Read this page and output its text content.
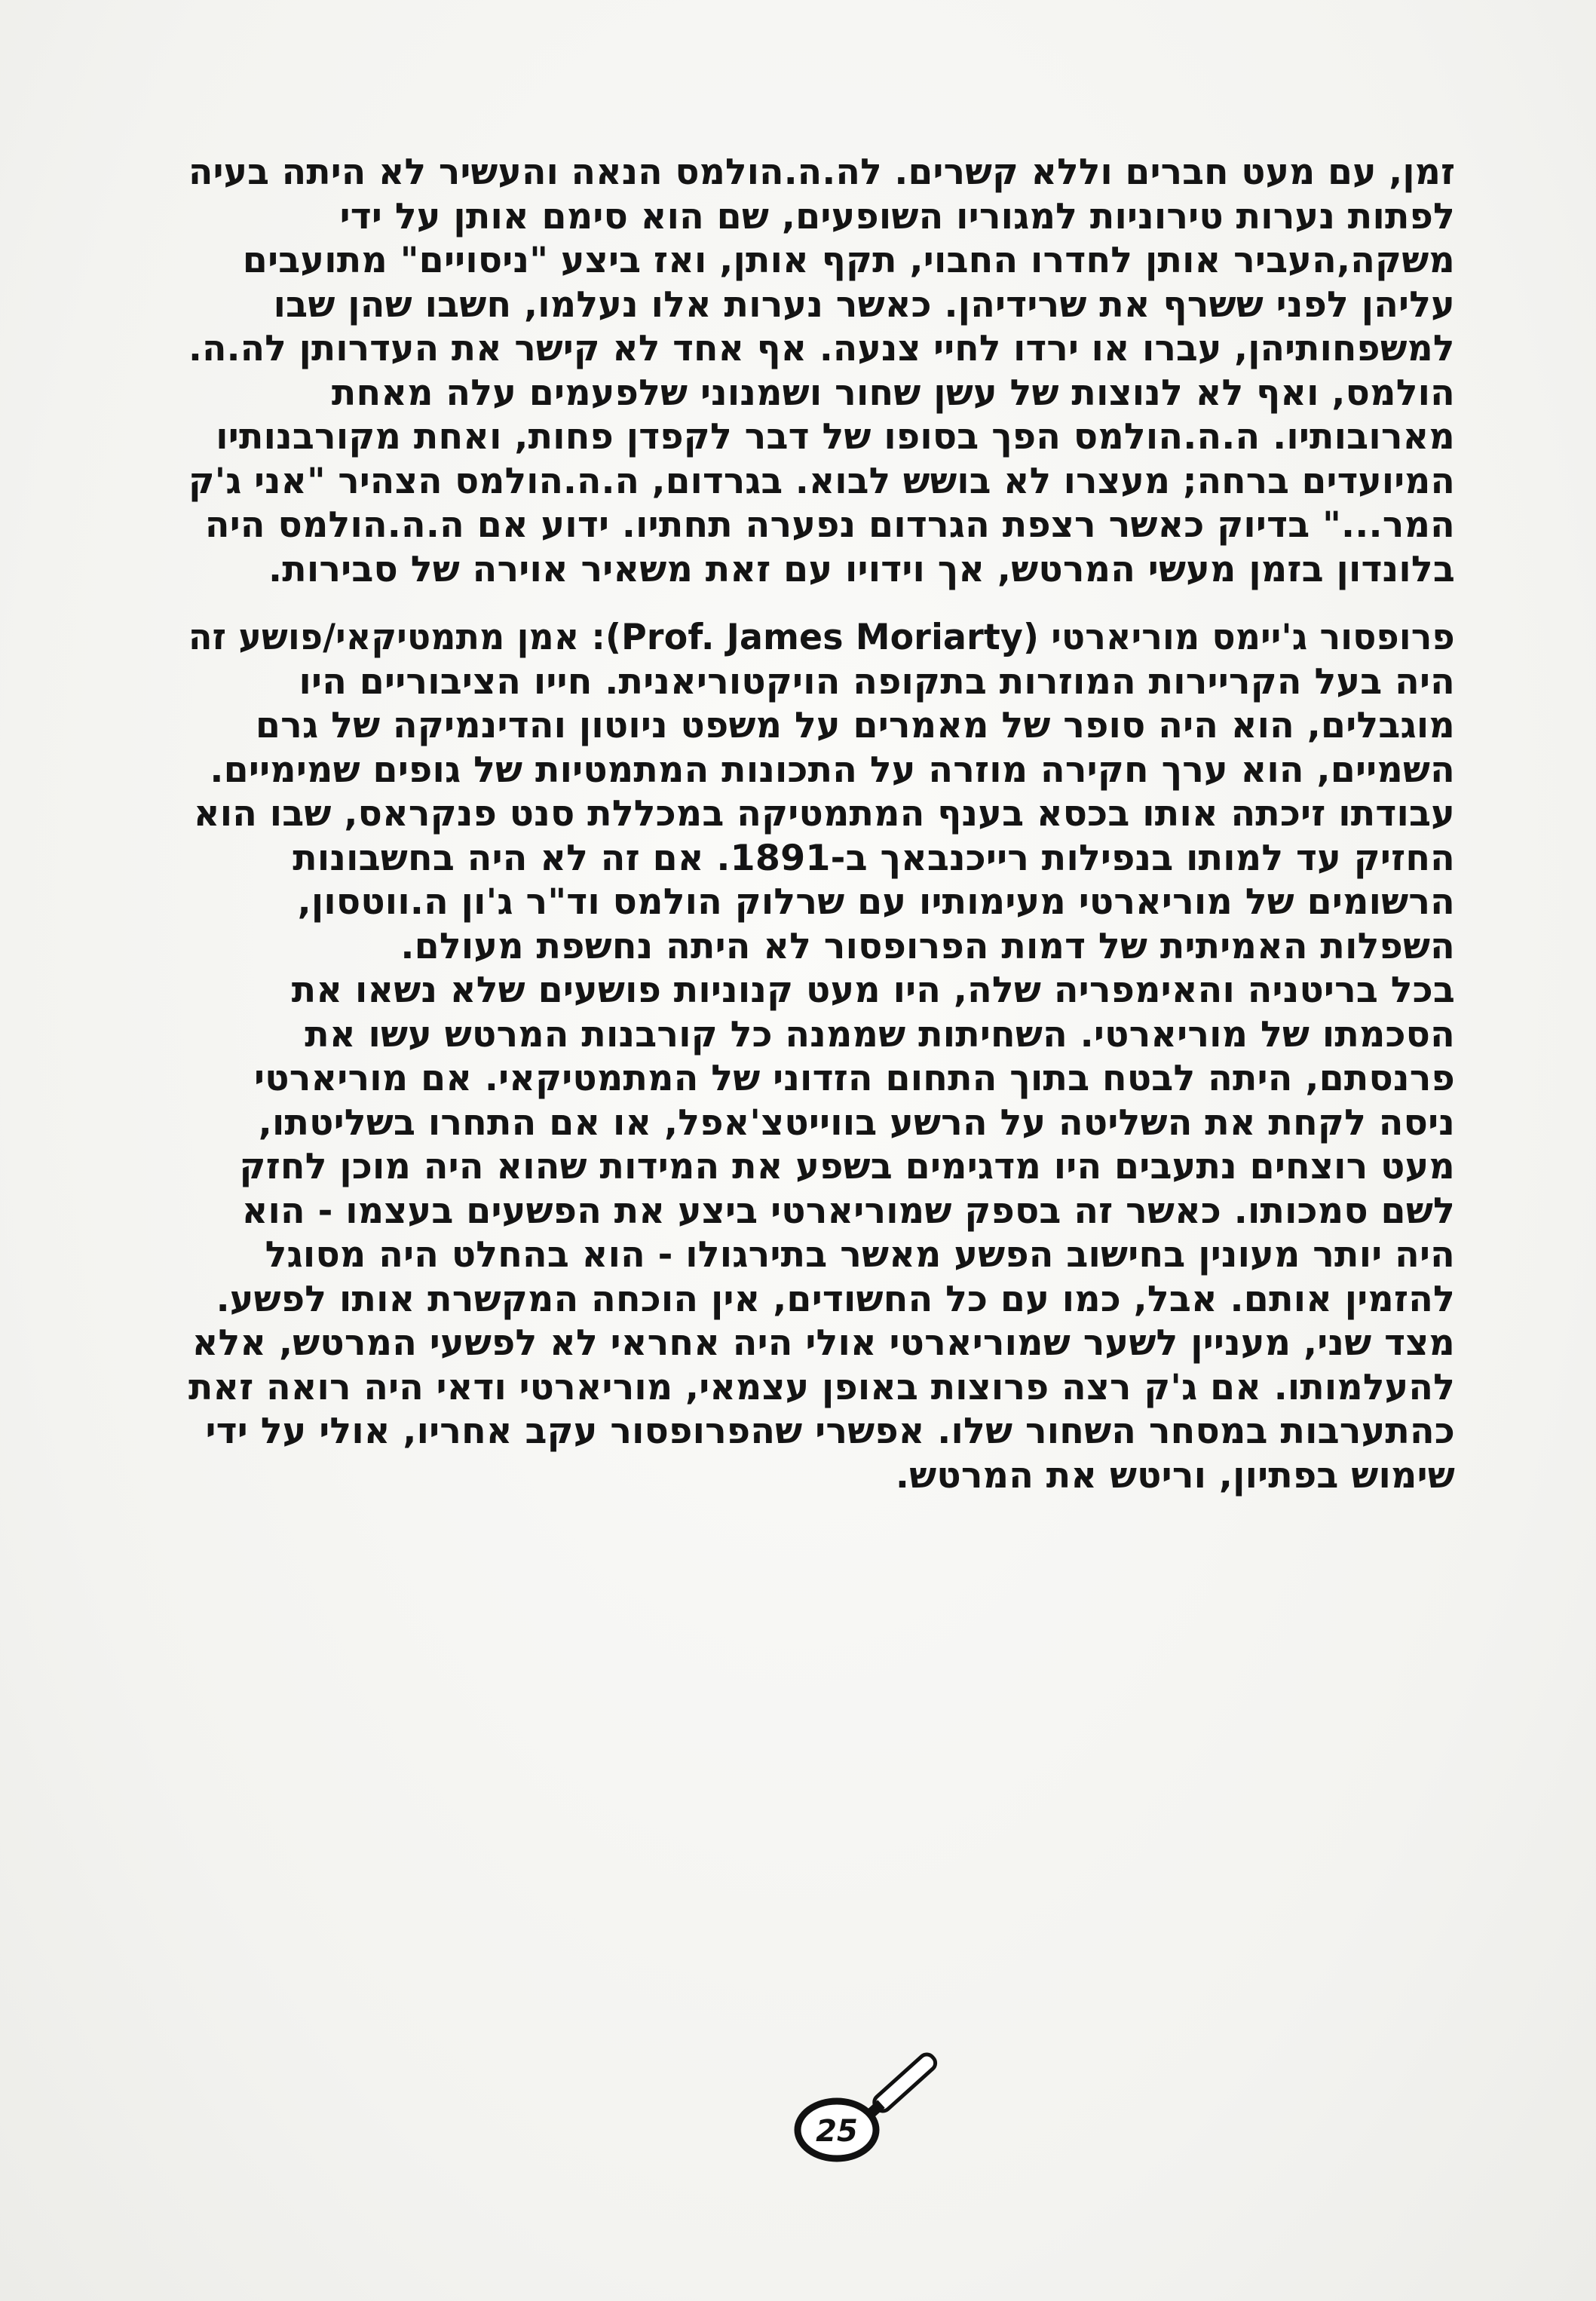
זמן, עם מעט חברים וללא קשרים. לה.ה.הולמס הנאה והעשיר לא היתה בעיה
לפתות נערות טירוניות למגוריו השופעים, שם הוא סימם אותן על ידי
משקה,העביר אותן לחדרו החבוי, תקף אותן, ואז ביצע "ניסויים" מתועבים
עליהן לפני ששרף את שרידיהן. כאשר נערות אלו נעלמו, חשבו שהן שבו
למשפחותיהן, עברו או ירדו לחיי צנעה. אף אחד לא קישר את העדרותן לה.ה.
הולמס, ואף לא לנוצות של עשן שחור ושמנוני שלפעמים עלה מאחת
מארובותיו. ה.ה.הולמס הפך בסופו של דבר לקפדן פחות, ואחת מקורבנותיו
המיועדים ברחה; מעצרו לא בושש לבוא. בגרדום, ה.ה.הולמס הצהיר "אני ג'ק
המר..." בדיוק כאשר רצפת הגרדום נפערה תחתיו. ידוע אם ה.ה.הולמס היה
בלונדון בזמן מעשי המרטש, אך וידויו עם זאת משאיר אוירה של סבירות.
פרופסור ג'יימס מוריארטי (Prof. James Moriarty): אמן מתמטיקאי/פושע זה
היה בעל הקריירות המוזרות בתקופה הויקטוריאנית. חייו הציבוריים היו
מוגבלים, הוא היה סופר של מאמרים על משפט ניוטון והדינמיקה של גרם
השמיים, הוא ערך חקירה מוזרה על התכונות המתמטיות של גופים שמימיים.
עבודתו זיכתה אותו בכסא בענף המתמטיקה במכללת סנט פנקראס, שבו הוא
החזיק עד למותו בנפילות רייכנבאך ב-1891. אם זה לא היה בחשבונות
הרשומים של מוריארטי מעימותיו עם שרלוק הולמס וד"ר ג'ון ה.ווטסון,
השפלות האמיתית של דמות הפרופסור לא היתה נחשפת מעולם.
בכל בריטניה והאימפריה שלה, היו מעט קנוניות פושעים שלא נשאו את
הסכמתו של מוריארטי. השחיתות שממנה כל קורבנות המרטש עשו את
פרנסתם, היתה לבטח בתוך התחום הזדוני של המתמטיקאי. אם מוריארטי
ניסה לקחת את השליטה על הרשע בווייטצ'אפל, או אם התחרו בשליטתו,
מעט רוצחים נתעבים היו מדגימים בשפע את המידות שהוא היה מוכן לחזק
לשם סמכותו. כאשר זה בספק שמוריארטי ביצע את הפשעים בעצמו - הוא
היה יותר מעונין בחישוב הפשע מאשר בתירגולו - הוא בהחלט היה מסוגל
להזמין אותם. אבל, כמו עם כל החשודים, אין הוכחה המקשרת אותו לפשע.
מצד שני, מעניין לשער שמוריארטי אולי היה אחראי לא לפשעי המרטש, אלא
להעלמותו. אם ג'ק רצה פרוצות באופן עצמאי, מוריארטי ודאי היה רואה זאת
כהתערבות במסחר השחור שלו. אפשרי שהפרופסור עקב אחריו, אולי על ידי
שימוש בפתיון, וריטש את המרטש.
25
